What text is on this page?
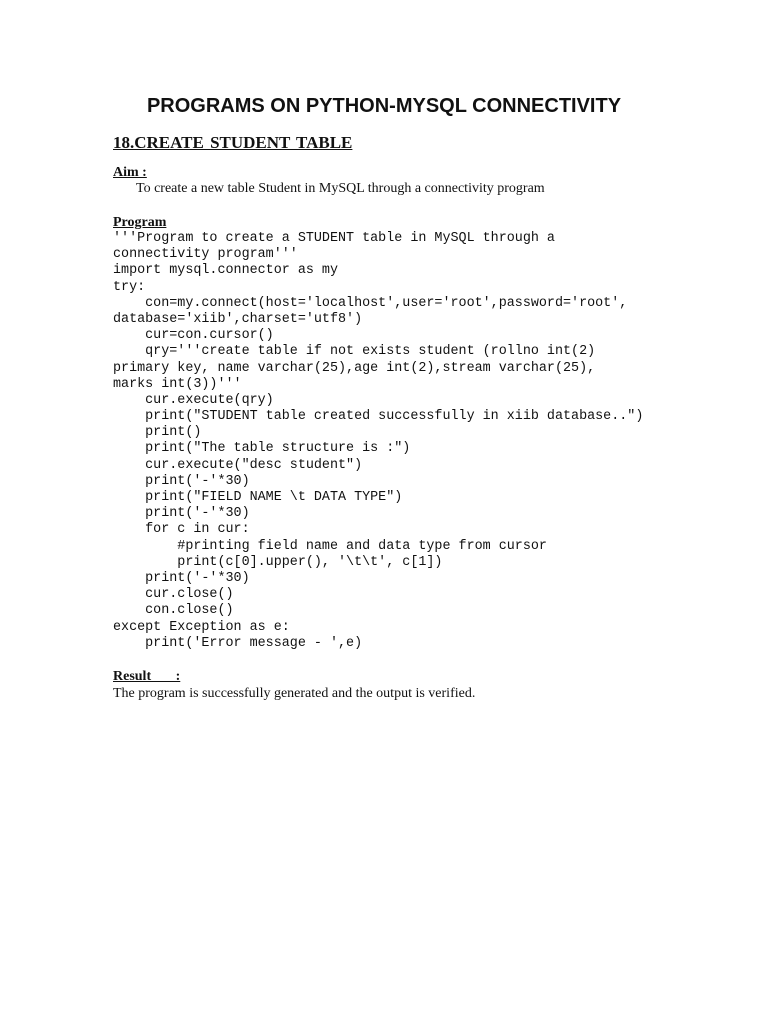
PROGRAMS ON PYTHON-MYSQL CONNECTIVITY
18.CREATE STUDENT TABLE
Aim :
To create a new table Student in MySQL through a connectivity program
Program
'''Program to create a STUDENT table in MySQL through a
connectivity program'''
import mysql.connector as my
try:
con=my.connect(host='localhost',user='root',password='root',
database='xiib',charset='utf8')
cur=con.cursor()
qry='''create table if not exists student (rollno int(2)
primary key, name varchar(25),age int(2),stream varchar(25),
marks int(3))'''
cur.execute(qry)
print("STUDENT table created successfully in xiib database..")
print()
print("The table structure is :")
cur.execute("desc student")
print('-'*30)
print("FIELD NAME \t DATA TYPE")
print('-'*30)
for c in cur:
#printing field name and data type from cursor
print(c[0].upper(), '\t\t', c[1])
print('-'*30)
cur.close()
con.close()
except Exception as e:
print('Error message - ',e)
Result       :
The program is successfully generated and the output is verified.
